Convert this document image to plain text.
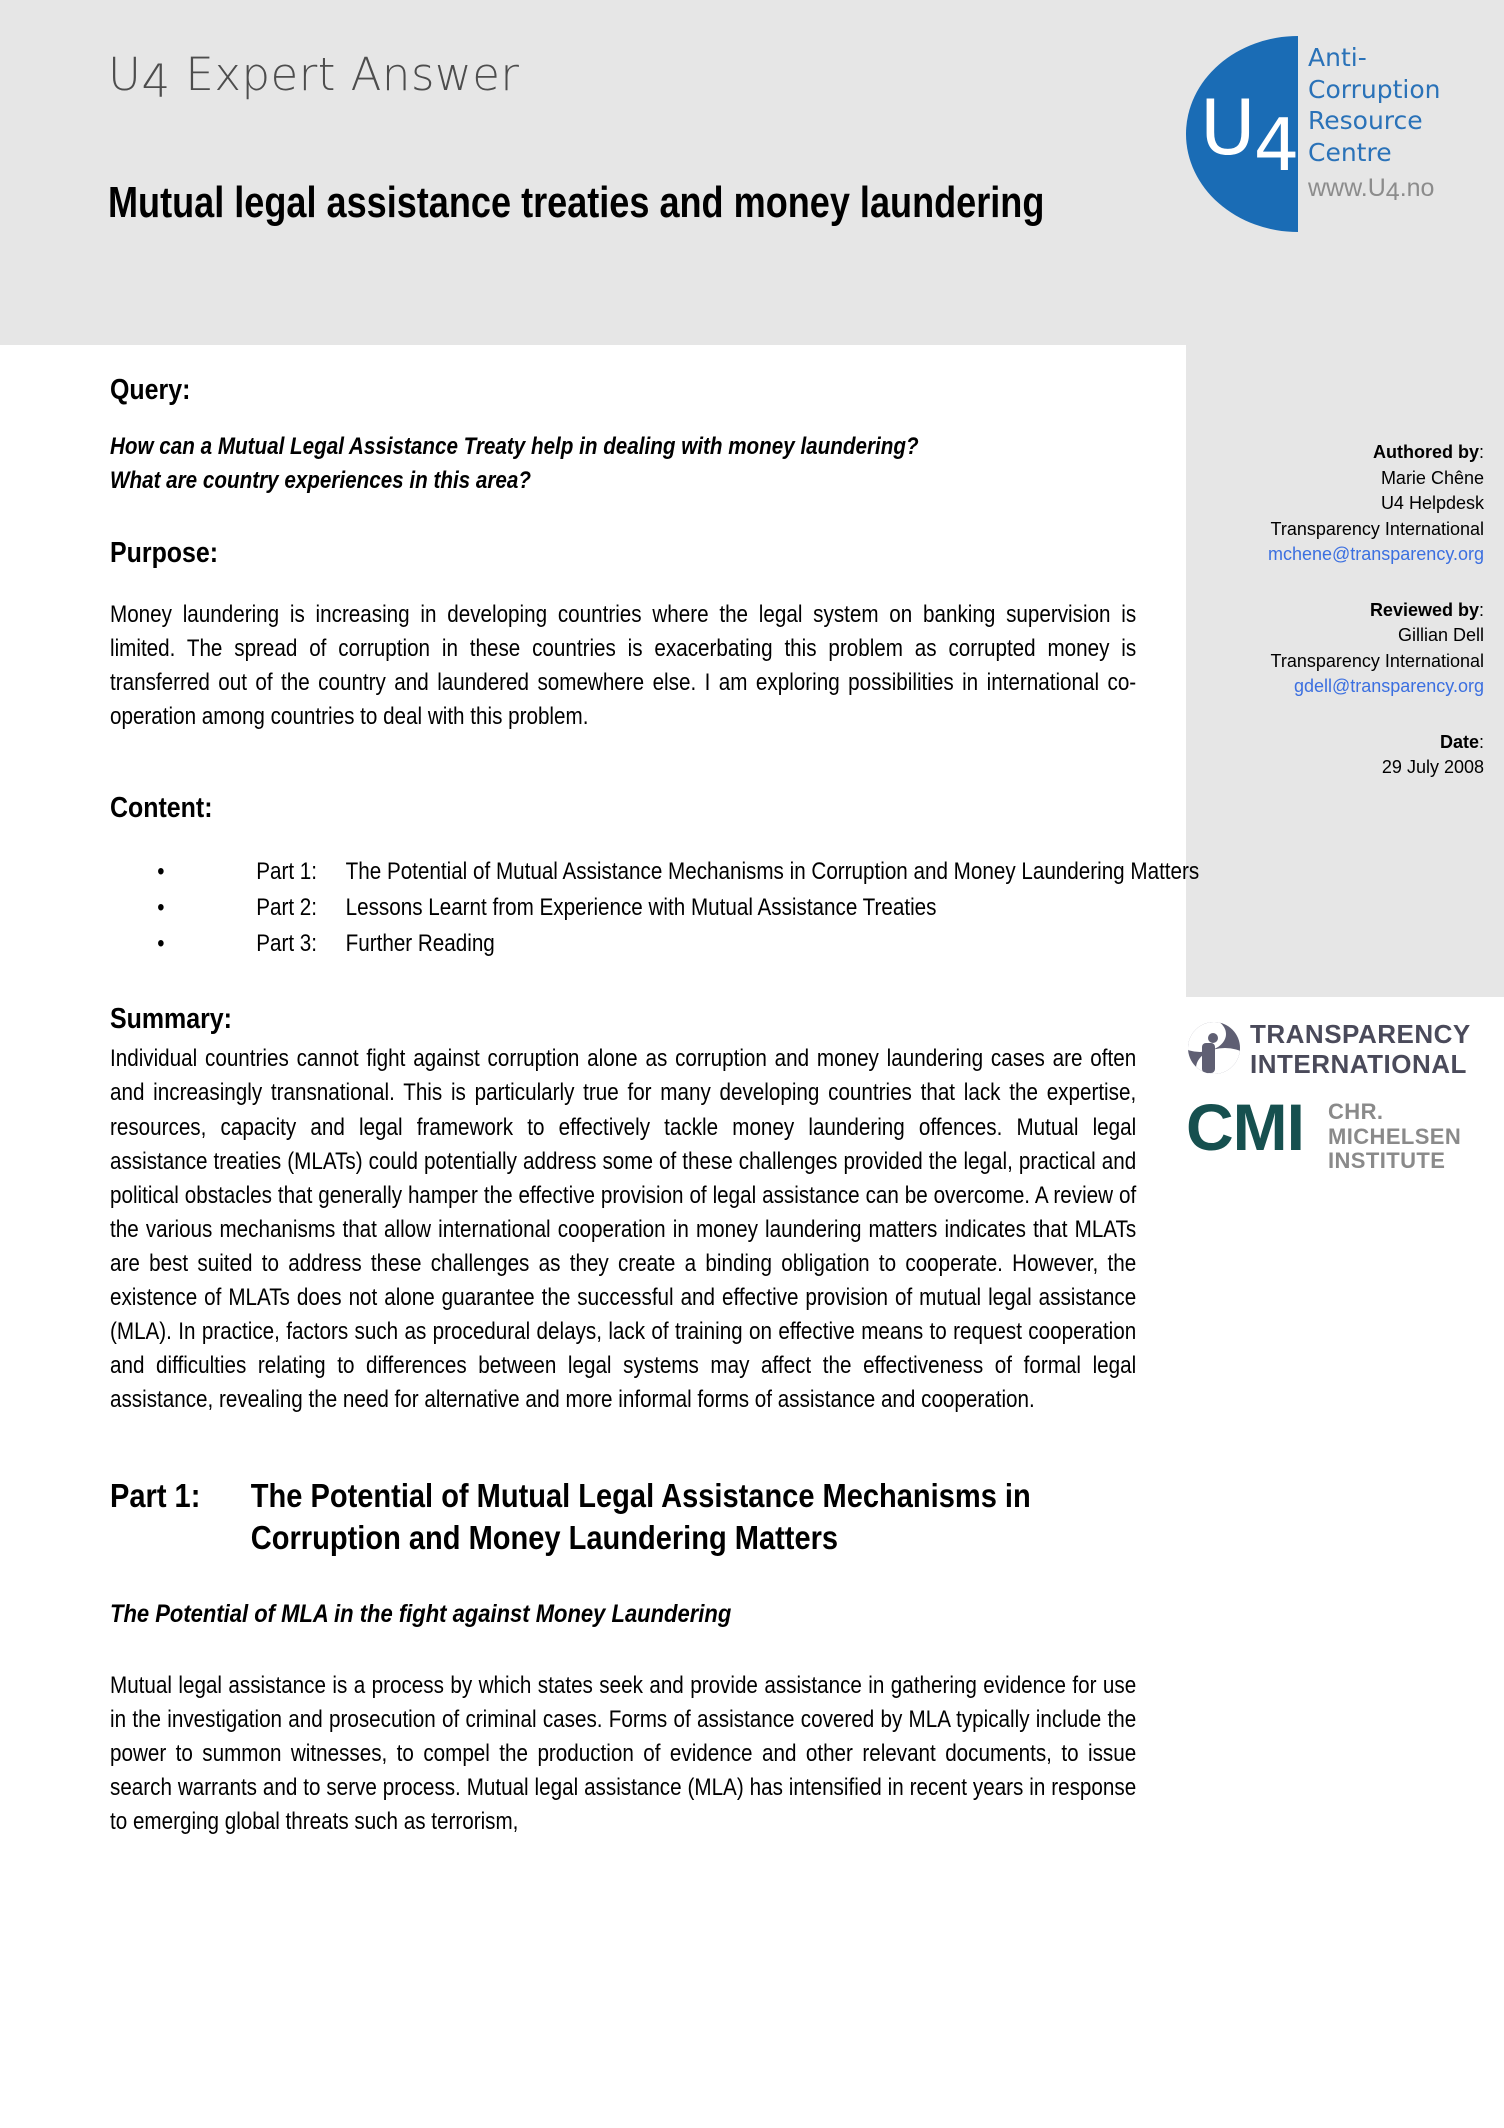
U4 Expert Answer
Mutual legal assistance treaties and money laundering
U4
Anti-
Corruption
Resource
Centre
www.U4.no
Authored by:
Marie Chêne
U4 Helpdesk
Transparency International
mchene@transparency.org
Reviewed by:
Gillian Dell
Transparency International
gdell@transparency.org
Date:
29 July 2008
TRANSPARENCY
INTERNATIONAL
CMI CHR.
MICHELSEN
INSTITUTE
Query:
How can a Mutual Legal Assistance Treaty help in dealing with money laundering?
What are country experiences in this area?
Purpose:

Money laundering is increasing in developing countries where the legal system on banking supervision is limited. The spread of corruption in these countries is exacerbating this problem as corrupted money is transferred out of the country and laundered somewhere else. I am exploring possibilities in international co-operation among countries to deal with this problem.

Content:
•	Part 1: The Potential of Mutual Assistance Mechanisms in Corruption and Money Laundering Matters
•	Part 2: Lessons Learnt from Experience with Mutual Assistance Treaties
•	Part 3: Further Reading
Summary:

Individual countries cannot fight against corruption alone as corruption and money laundering cases are often and increasingly transnational. This is particularly true for many developing countries that lack the expertise, resources, capacity and legal framework to effectively tackle money laundering offences. Mutual legal assistance treaties (MLATs) could potentially address some of these challenges provided the legal, practical and political obstacles that generally hamper the effective provision of legal assistance can be overcome. A review of the various mechanisms that allow international cooperation in money laundering matters indicates that MLATs are best suited to address these challenges as they create a binding obligation to cooperate. However, the existence of MLATs does not alone guarantee the successful and effective provision of mutual legal assistance (MLA). In practice, factors such as procedural delays, lack of training on effective means to request cooperation and difficulties relating to differences between legal systems may affect the effectiveness of formal legal assistance, revealing the need for alternative and more informal forms of assistance and cooperation.

Part 1: The Potential of Mutual Legal Assistance Mechanisms in Corruption and Money Laundering Matters
The Potential of MLA in the fight against Money Laundering

Mutual legal assistance is a process by which states seek and provide assistance in gathering evidence for use in the investigation and prosecution of criminal cases. Forms of assistance covered by MLA typically include the power to summon witnesses, to compel the production of evidence and other relevant documents, to issue search warrants and to serve process. Mutual legal assistance (MLA) has intensified in recent years in response to emerging global threats such as terrorism,
